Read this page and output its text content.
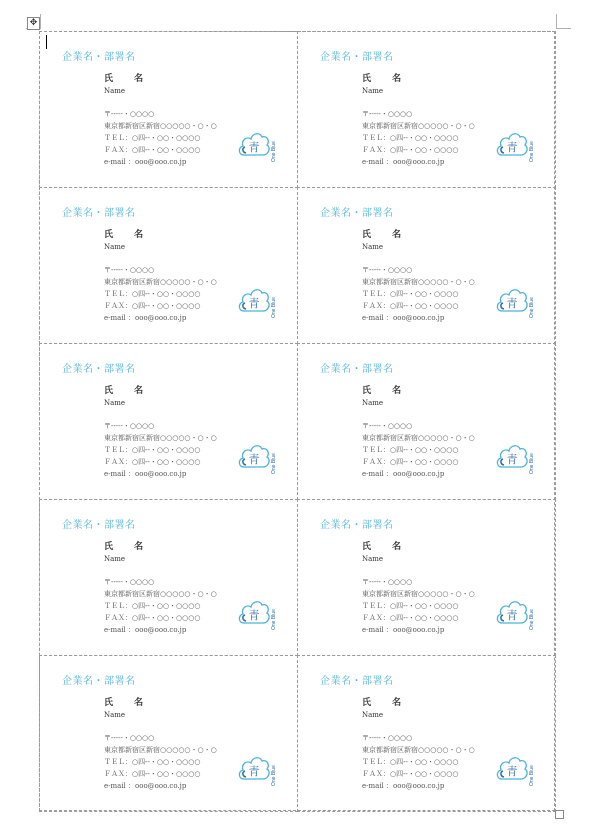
✥
企業名・部署名
氏 名
Name
〒-----・○○○○
東京都新宿区新宿○○○○○・○・○
ＴＥＬ：○四--・○○・○○○○
ＦＡＸ：○四--・○○・○○○○
e-mail ：ooo@ooo.co.jp
青 One Blue
企業名・部署名
氏 名
Name
〒-----・○○○○
東京都新宿区新宿○○○○○・○・○
ＴＥＬ：○四--・○○・○○○○
ＦＡＸ：○四--・○○・○○○○
e-mail ：ooo@ooo.co.jp
青 One Blue
企業名・部署名
氏 名
Name
〒-----・○○○○
東京都新宿区新宿○○○○○・○・○
ＴＥＬ：○四--・○○・○○○○
ＦＡＸ：○四--・○○・○○○○
e-mail ：ooo@ooo.co.jp
青 One Blue
企業名・部署名
氏 名
Name
〒-----・○○○○
東京都新宿区新宿○○○○○・○・○
ＴＥＬ：○四--・○○・○○○○
ＦＡＸ：○四--・○○・○○○○
e-mail ：ooo@ooo.co.jp
青 One Blue
企業名・部署名
氏 名
Name
〒-----・○○○○
東京都新宿区新宿○○○○○・○・○
ＴＥＬ：○四--・○○・○○○○
ＦＡＸ：○四--・○○・○○○○
e-mail ：ooo@ooo.co.jp
青 One Blue
企業名・部署名
氏 名
Name
〒-----・○○○○
東京都新宿区新宿○○○○○・○・○
ＴＥＬ：○四--・○○・○○○○
ＦＡＸ：○四--・○○・○○○○
e-mail ：ooo@ooo.co.jp
青 One Blue
企業名・部署名
氏 名
Name
〒-----・○○○○
東京都新宿区新宿○○○○○・○・○
ＴＥＬ：○四--・○○・○○○○
ＦＡＸ：○四--・○○・○○○○
e-mail ：ooo@ooo.co.jp
青 One Blue
企業名・部署名
氏 名
Name
〒-----・○○○○
東京都新宿区新宿○○○○○・○・○
ＴＥＬ：○四--・○○・○○○○
ＦＡＸ：○四--・○○・○○○○
e-mail ：ooo@ooo.co.jp
青 One Blue
企業名・部署名
氏 名
Name
〒-----・○○○○
東京都新宿区新宿○○○○○・○・○
ＴＥＬ：○四--・○○・○○○○
ＦＡＸ：○四--・○○・○○○○
e-mail ：ooo@ooo.co.jp
青 One Blue
企業名・部署名
氏 名
Name
〒-----・○○○○
東京都新宿区新宿○○○○○・○・○
ＴＥＬ：○四--・○○・○○○○
ＦＡＸ：○四--・○○・○○○○
e-mail ：ooo@ooo.co.jp
青 One Blue
